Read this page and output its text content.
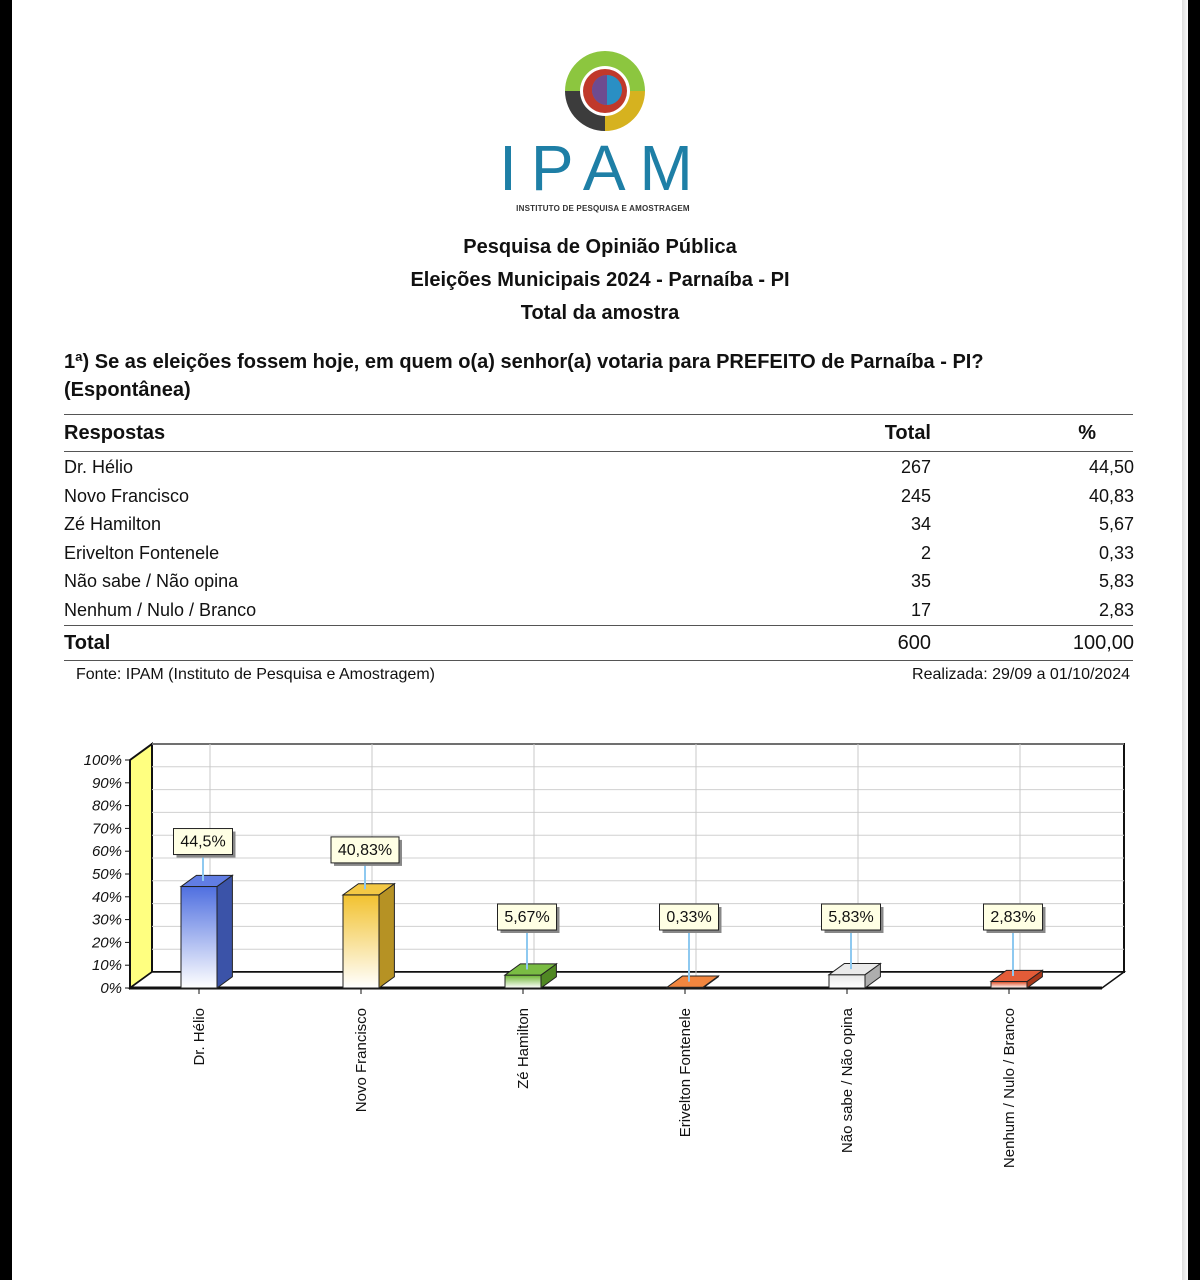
IPAM
INSTITUTO DE PESQUISA E AMOSTRAGEM
Pesquisa de Opinião Pública
Eleições Municipais 2024 - Parnaíba - PI
Total da amostra
1ª) Se as eleições fossem hoje, em quem o(a) senhor(a) votaria para PREFEITO de Parnaíba - PI?
(Espontânea)
Respostas	Total	%
Dr. Hélio	267	44,50
Novo Francisco	245	40,83
Zé Hamilton	34	5,67
Erivelton Fontenele	2	0,33
Não sabe / Não opina	35	5,83
Nenhum / Nulo / Branco	17	2,83
Total	600	100,00
Fonte: IPAM (Instituto de Pesquisa e Amostragem)	Realizada: 29/09 a 01/10/2024
0%
10%
20%
30%
40%
50%
60%
70%
80%
90%
100%
44,5%
Dr. Hélio
40,83%
Novo Francisco
5,67%
Zé Hamilton
0,33%
Erivelton Fontenele
5,83%
Não sabe / Não opina
2,83%
Nenhum / Nulo / Branco
